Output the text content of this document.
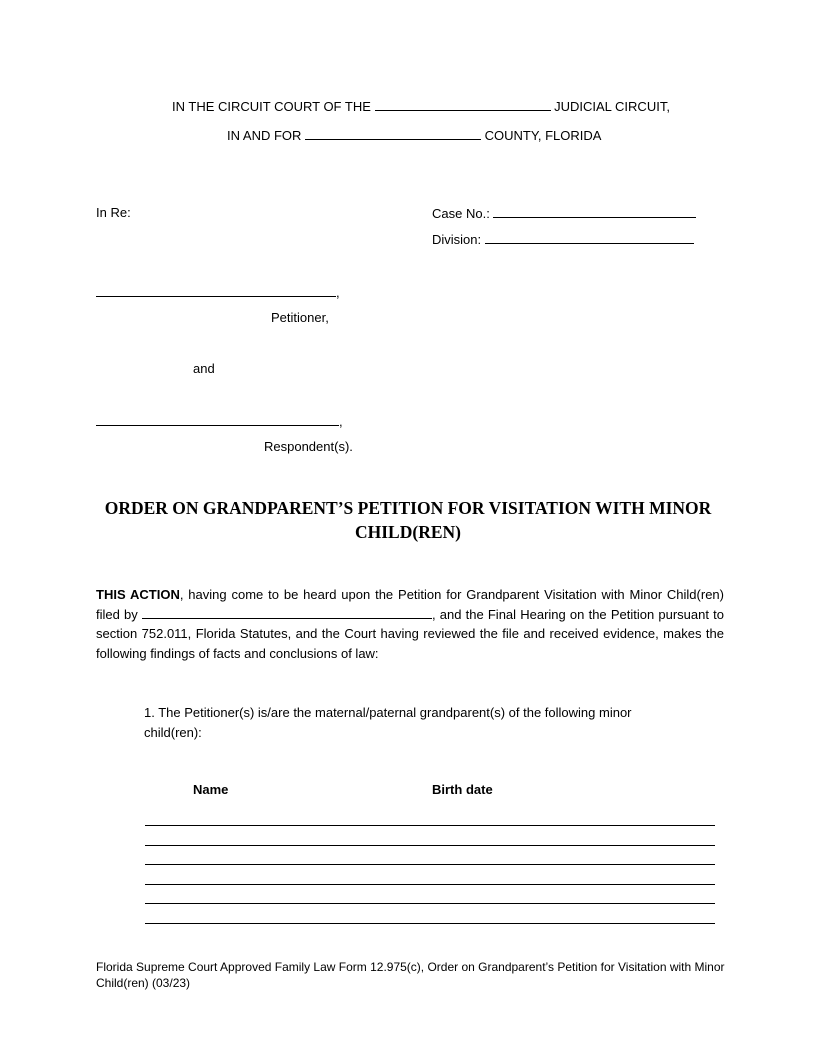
IN THE CIRCUIT COURT OF THE	JUDICIAL CIRCUIT,
IN AND FOR	COUNTY, FLORIDA
In Re:	Case No.:
Division:
,
Petitioner,
and
,
Respondent(s).
ORDER ON GRANDPARENT’S PETITION FOR VISITATION WITH MINOR
CHILD(REN)
THIS ACTION, having come to be heard upon the Petition for Grandparent Visitation with Minor Child(ren) filed by	, and the Final Hearing on the Petition pursuant to section 752.011, Florida Statutes, and the Court having reviewed the file and received evidence, makes the following findings of facts and conclusions of law:
1. The Petitioner(s) is/are the maternal/paternal grandparent(s) of the following minor child(ren):
Name	Birth date
Florida Supreme Court Approved Family Law Form 12.975(c), Order on Grandparent’s Petition for Visitation with Minor Child(ren) (03/23)
